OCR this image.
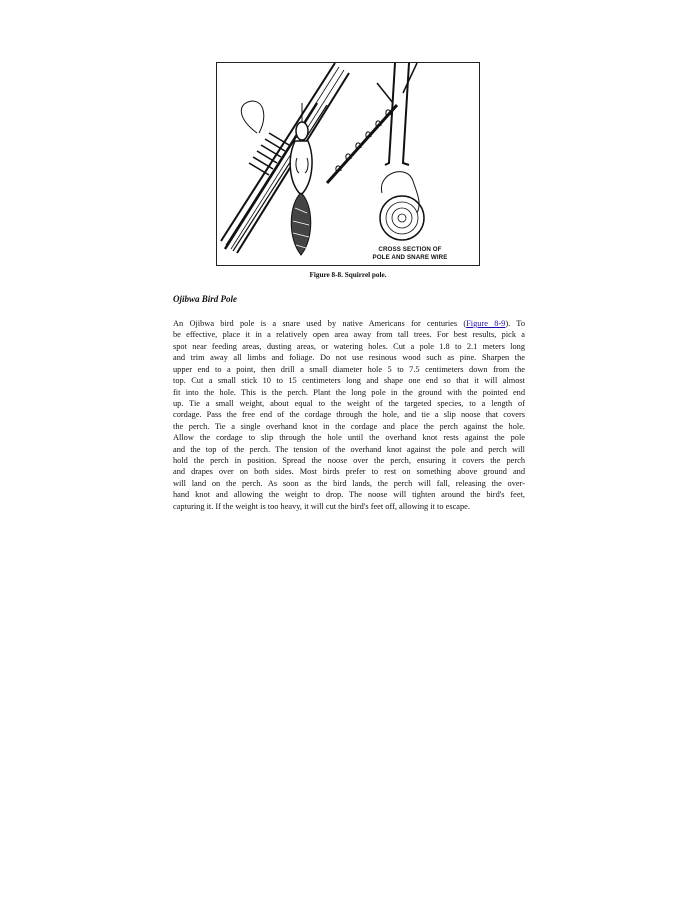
CROSS SECTION OF
POLE AND SNARE WIRE
Figure 8-8. Squirrel pole.
Ojibwa Bird Pole

An Ojibwa bird pole is a snare used by native Americans for centuries (Figure 8-9). To
be effective, place it in a relatively open area away from tall trees. For best results, pick a
spot near feeding areas, dusting areas, or watering holes. Cut a pole 1.8 to 2.1 meters long
and trim away all limbs and foliage. Do not use resinous wood such as pine. Sharpen the
upper end to a point, then drill a small diameter hole 5 to 7.5 centimeters down from the
top. Cut a small stick 10 to 15 centimeters long and shape one end so that it will almost
fit into the hole. This is the perch. Plant the long pole in the ground with the pointed end
up. Tie a small weight, about equal to the weight of the targeted species, to a length of
cordage. Pass the free end of the cordage through the hole, and tie a slip noose that covers
the perch. Tie a single overhand knot in the cordage and place the perch against the hole.
Allow the cordage to slip through the hole until the overhand knot rests against the pole
and the top of the perch. The tension of the overhand knot against the pole and perch will
hold the perch in position. Spread the noose over the perch, ensuring it covers the perch
and drapes over on both sides. Most birds prefer to rest on something above ground and
will land on the perch. As soon as the bird lands, the perch will fall, releasing the over-
hand knot and allowing the weight to drop. The noose will tighten around the bird's feet,
capturing it. If the weight is too heavy, it will cut the bird's feet off, allowing it to escape.
